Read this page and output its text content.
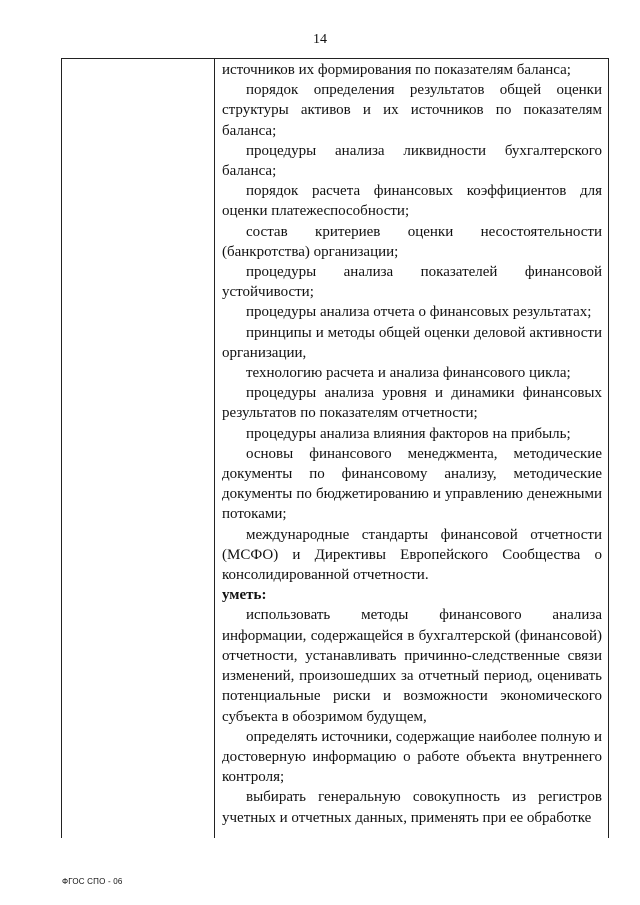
14

источников их формирования по показателям баланса;

порядок определения результатов общей оценки структуры активов и их источников по показателям баланса;

процедуры анализа ликвидности бухгалтерского баланса;

порядок расчета финансовых коэффициентов для оценки платежеспособности;

состав критериев оценки несостоятельности (банкротства) организации;

процедуры анализа показателей финансовой устойчивости;

процедуры анализа отчета о финансовых результатах;

принципы и методы общей оценки деловой активности организации,

технологию расчета и анализа финансового цикла;

процедуры анализа уровня и динамики финансовых результатов по показателям отчетности;

процедуры анализа влияния факторов на прибыль;

основы финансового менеджмента, методические документы по финансовому анализу, методические документы по бюджетированию и управлению денежными потоками;

международные стандарты финансовой отчетности (МСФО) и Директивы Европейского Сообщества о консолидированной отчетности.

уметь:

использовать методы финансового анализа информации, содержащейся в бухгалтерской (финансовой) отчетности, устанавливать причинно-следственные связи изменений, произошедших за отчетный период, оценивать потенциальные риски и возможности экономического субъекта в обозримом будущем,

определять источники, содержащие наиболее полную и достоверную информацию о работе объекта внутреннего контроля;

выбирать генеральную совокупность из регистров учетных и отчетных данных, применять при ее обработке

ФГОС СПО - 06
